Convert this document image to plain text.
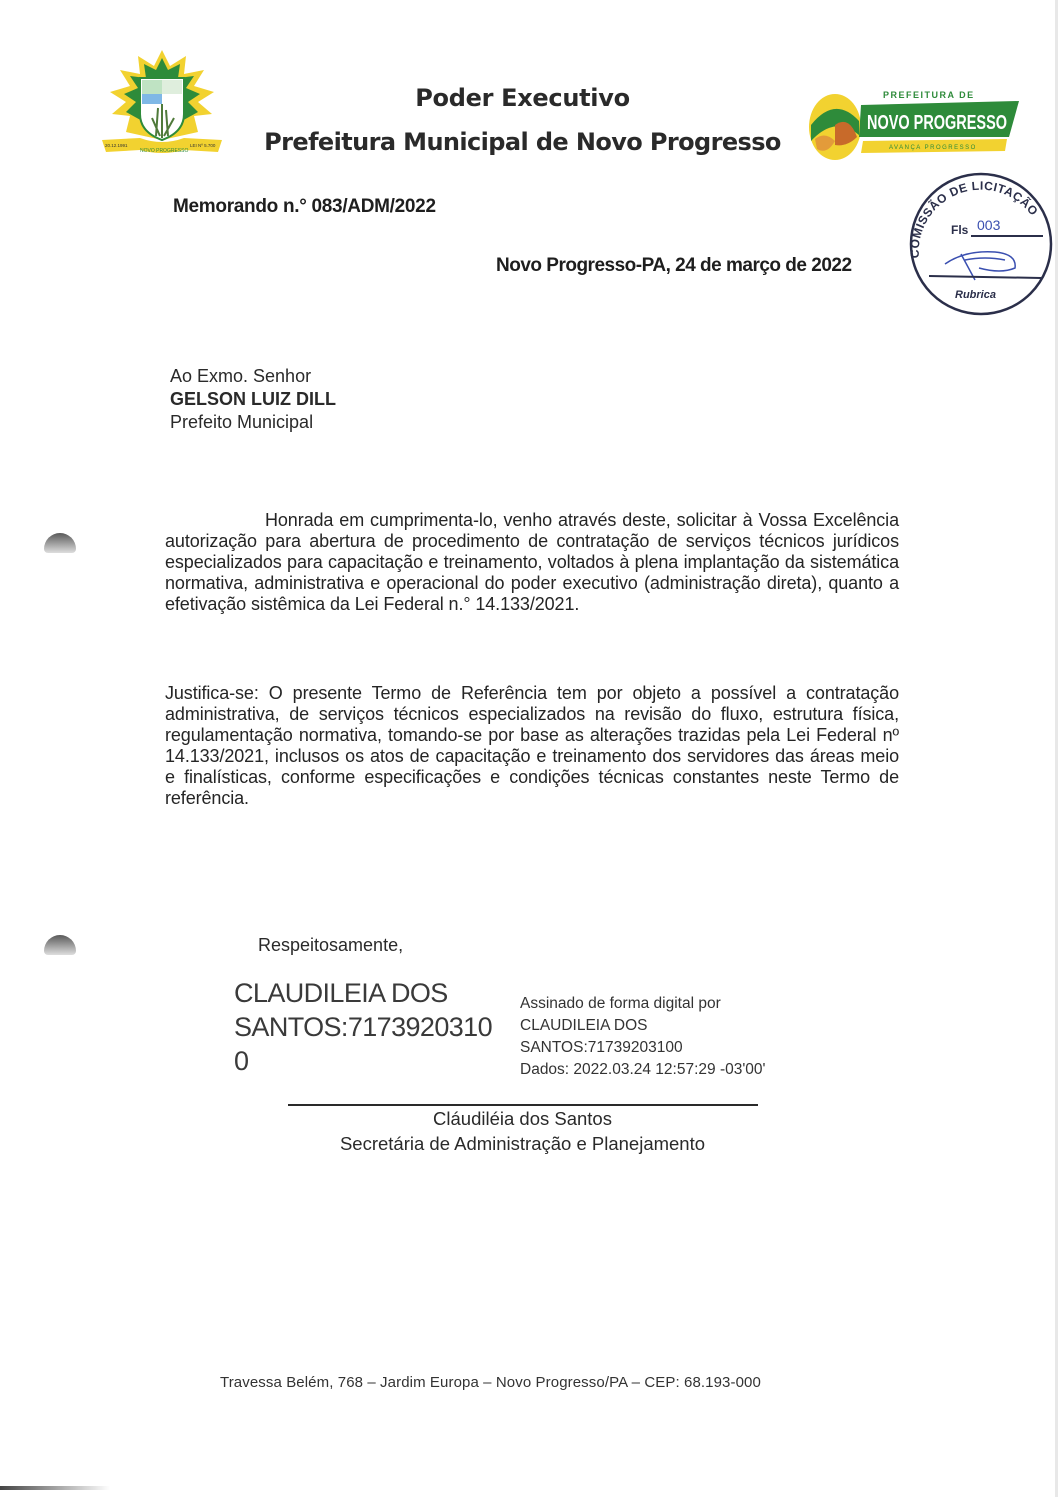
20.12.1991
NOVO PROGRESSO
LEI Nº 5.700
Poder Executivo
Prefeitura Municipal de Novo Progresso
PREFEITURA DE
NOVO PROGRESSO
AVANÇA PROGRESSO
COMISSÃO DE LICITAÇÃO
Fls 003
Rubrica
Memorando n.° 083/ADM/2022
Novo Progresso-PA, 24 de março de 2022
Ao Exmo. Senhor
GELSON LUIZ DILL
Prefeito Municipal
Honrada em cumprimenta-lo, venho através deste, solicitar à Vossa Excelência autorização para abertura de procedimento de contratação de serviços técnicos jurídicos especializados para capacitação e treinamento, voltados à plena implantação da sistemática normativa, administrativa e operacional do poder executivo (administração direta), quanto a efetivação sistêmica da Lei Federal n.° 14.133/2021.
Justifica-se: O presente Termo de Referência tem por objeto a possível a contratação administrativa, de serviços técnicos especializados na revisão do fluxo, estrutura física, regulamentação normativa, tomando-se por base as alterações trazidas pela Lei Federal nº 14.133/2021, inclusos os atos de capacitação e treinamento dos servidores das áreas meio e finalísticas, conforme especificações e condições técnicas constantes neste Termo de referência.
Respeitosamente,
CLAUDILEIA DOS
SANTOS:7173920310
0
Assinado de forma digital por
CLAUDILEIA DOS
SANTOS:71739203100
Dados: 2022.03.24 12:57:29 -03'00'
Cláudiléia dos Santos
Secretária de Administração e Planejamento
Travessa Belém, 768 – Jardim Europa – Novo Progresso/PA – CEP: 68.193-000
